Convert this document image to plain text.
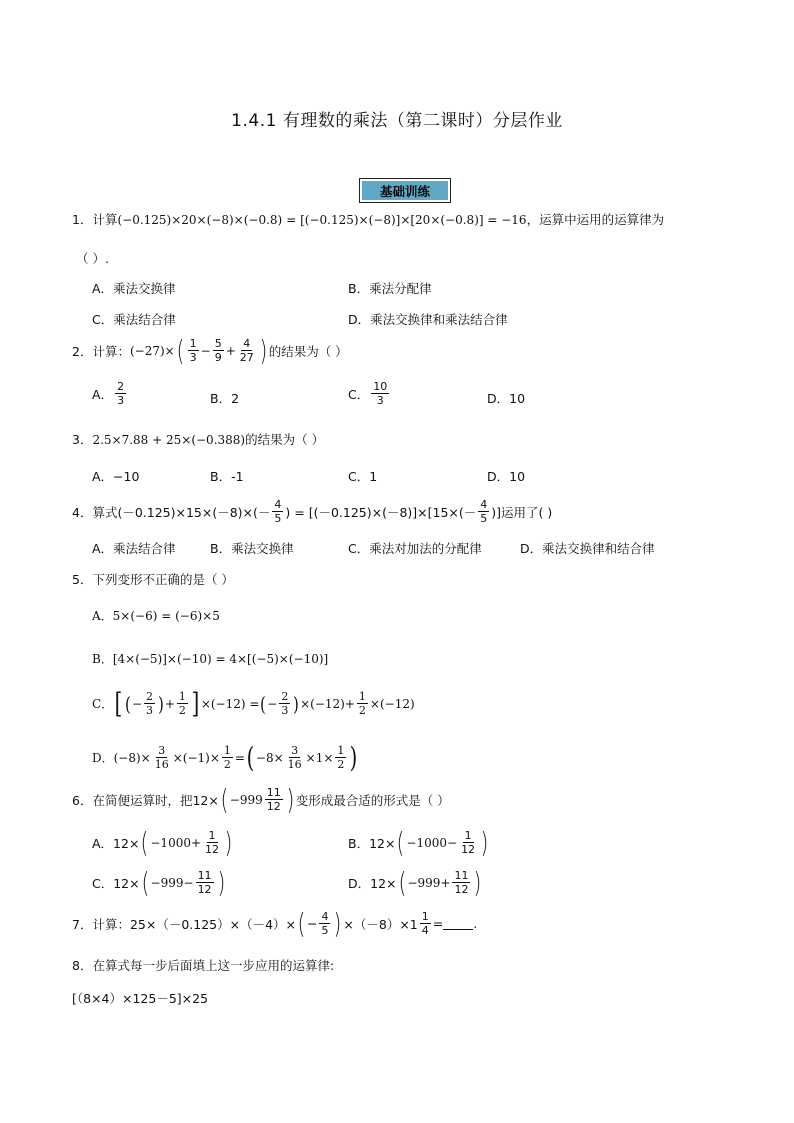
1.4.1 有理数的乘法（第二课时）分层作业
基础训练
1．计算(−0.125)×20×(−8)×(−0.8) = [(−0.125)×(−8)]×[20×(−0.8)] = −16，运算中运用的运算律为
（ ）.
A．乘法交换律	B．乘法分配律
C．乘法结合律	D．乘法交换律和乘法结合律
2．计算： (−27)× ( $\frac{1}{3} - \frac{5}{9} + \frac{4}{27}$ ) 的结果为（ ）
A． $\frac{2}{3}$	B．2	C． $\frac{10}{3}$	D．10
3．2.5×7.88 + 25×(−0.388)的结果为（ ）
A．−10	B．-1	C．1	D．10
4．算式$(-0.125)\times 15\times(-8)\times(- \frac{4}{5}$ ) = $[(-0.125)\times(-8)]\times[15\times(- \frac{4}{5}$ )]运用了( )
A．乘法结合律	B．乘法交换律	C．乘法对加法的分配律	D．乘法交换律和结合律
5．下列变形不正确的是（ ）
A．5×(−6) = (−6)×5
B．[4×(−5)]×(−10) = 4×[(−5)×(−10)]
C． [ ( − $\frac{2}{3}$ ) + $\frac{1}{2}$ ] ×(−12) = ( − $\frac{2}{3}$ ) $\times(-12)+ \frac{1}{2} \times(-12)$
D． $(-8)\times \frac{3}{16} \times(-1)\times \frac{1}{2}$ = ( $-8\times \frac{3}{16} \times 1\times \frac{1}{2}$ )
6．在简便运算时，把12× ( $-999 \frac{11}{12}$ ) 变形成最合适的形式是（ ）
A．12× ( $-1000+ \frac{1}{12}$ )	B．12× ( $-1000- \frac{1}{12}$ )
C．12× ( $-999- \frac{11}{12}$ )	D．12× ( $-999+ \frac{11}{12}$ )
7．计算：25×（－0.125）×（－4）× ( − $\frac{4}{5}$ ) $\times(-8)\times 1 \frac{1}{4}$ = .
8．在算式每一步后面填上这一步应用的运算律:
[（8×4）×125－5]×25
